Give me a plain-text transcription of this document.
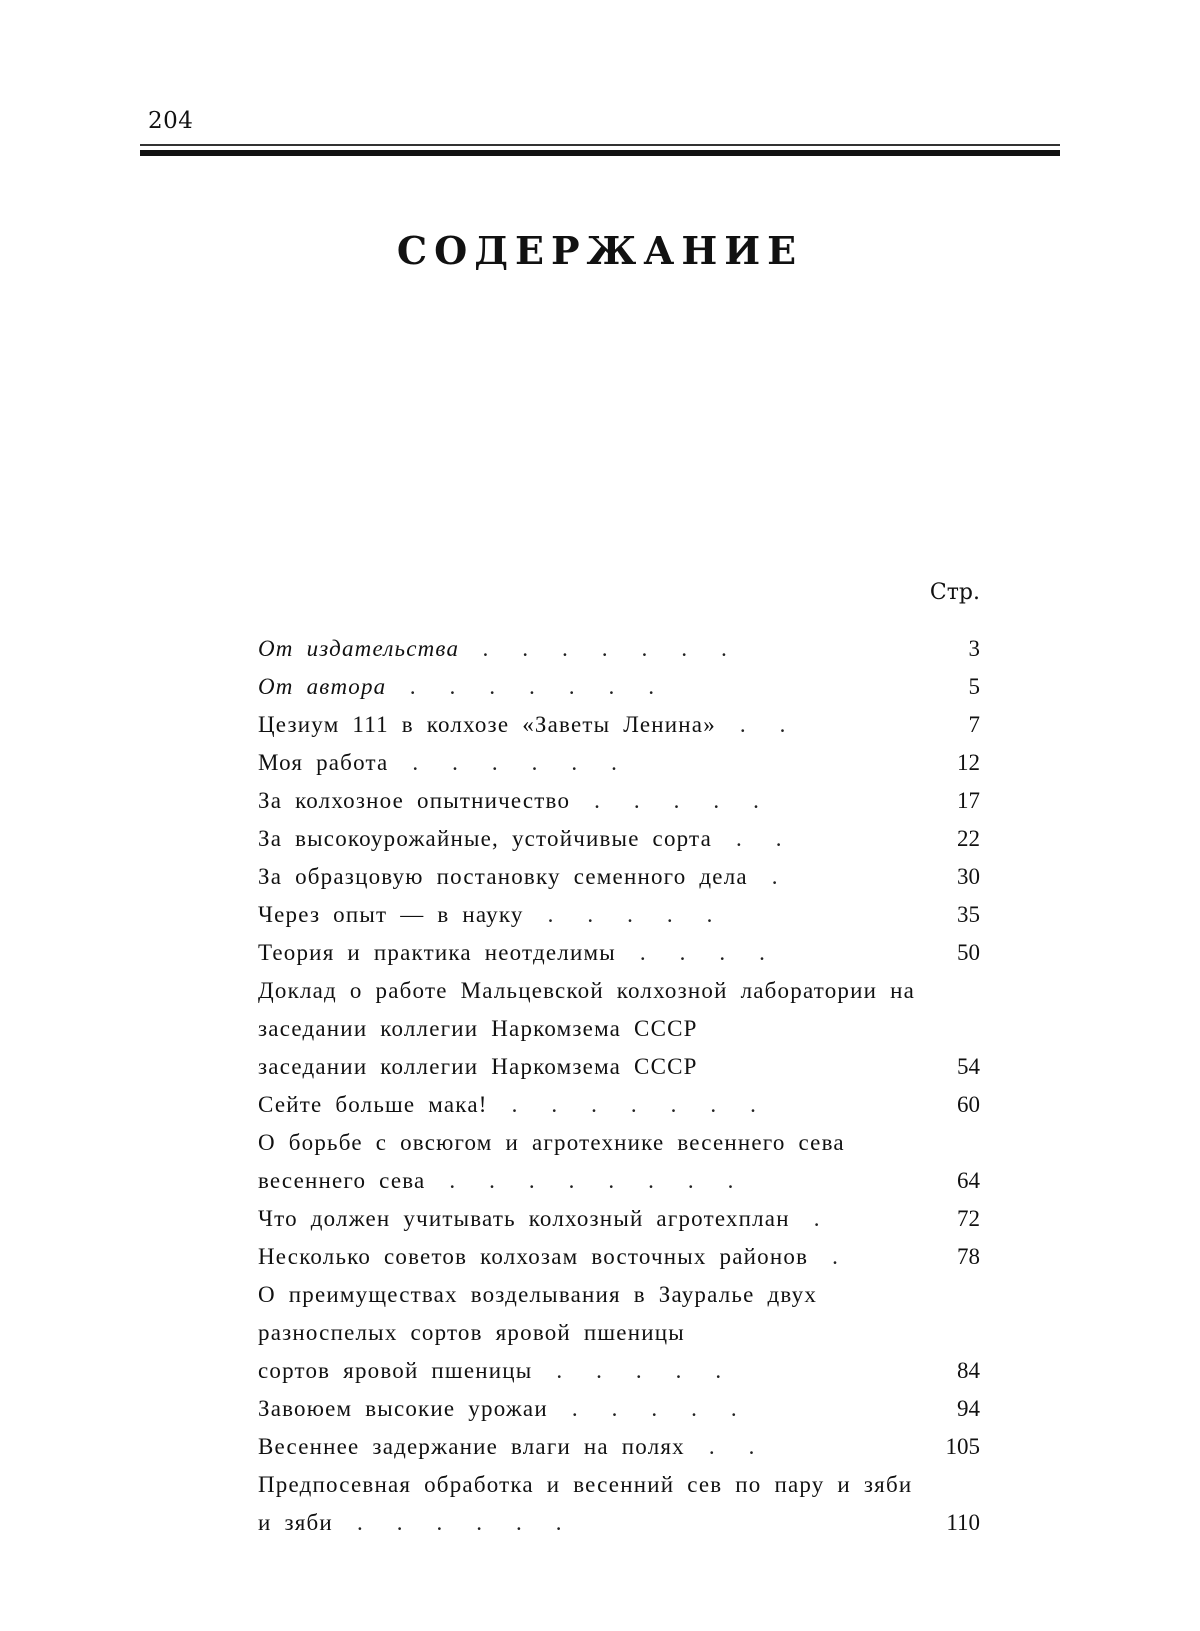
204
СОДЕРЖАНИЕ
Стр.
От издательства .......	3
От автора .......	5
Цезиум 111 в колхозе «Заветы Ленина» ..	7
Моя работа ......	12
За колхозное опытничество .....	17
За высокоурожайные, устойчивые сорта ..	22
За образцовую постановку семенного дела .	30
Через опыт — в науку .....	35
Теория и практика неотделимы ....	50
Доклад о работе Мальцевской колхозной лаборатории на заседании коллегии Наркомзема СССР
заседании коллегии Наркомзема СССР	54
Сейте больше мака! .......	60
О борьбе с овсюгом и агротехнике весеннего сева
весеннего сева ........	64
Что должен учитывать колхозный агротехплан .	72
Несколько советов колхозам восточных районов .	78
О преимуществах возделывания в Зауралье двух разноспелых сортов яровой пшеницы
сортов яровой пшеницы .....	84
Завоюем высокие урожаи .....	94
Весеннее задержание влаги на полях ..	105
Предпосевная обработка и весенний сев по пару и зяби
и зяби ......	110
